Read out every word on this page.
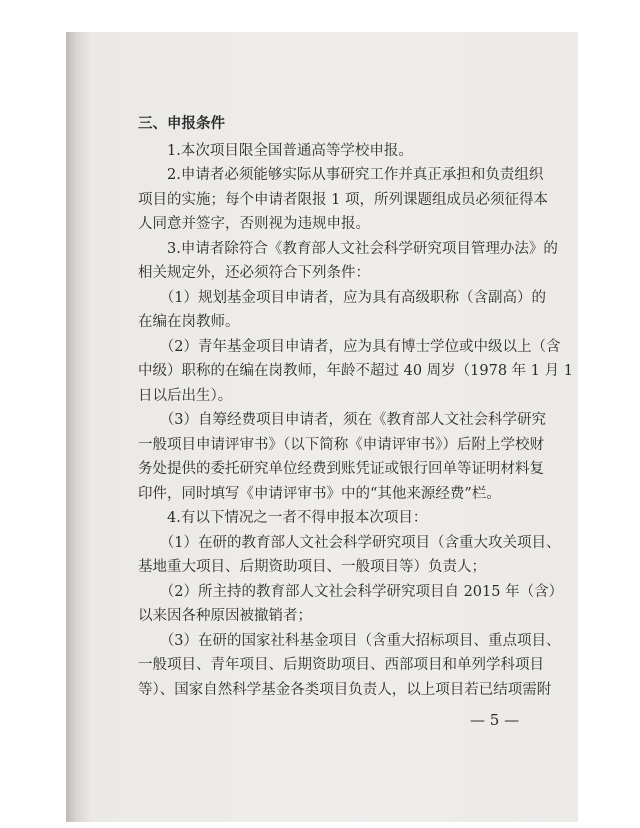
三、申报条件
　　1.本次项目限全国普通高等学校申报。
　　2.申请者必须能够实际从事研究工作并真正承担和负责组织
项目的实施；每个申请者限报 1 项，所列课题组成员必须征得本
人同意并签字，否则视为违规申报。
　　3.申请者除符合《教育部人文社会科学研究项目管理办法》的
相关规定外，还必须符合下列条件：
　　（1）规划基金项目申请者，应为具有高级职称（含副高）的
在编在岗教师。
　　（2）青年基金项目申请者，应为具有博士学位或中级以上（含
中级）职称的在编在岗教师，年龄不超过 40 周岁（1978 年 1 月 1
日以后出生）。
　　（3）自筹经费项目申请者，须在《教育部人文社会科学研究
一般项目申请评审书》（以下简称《申请评审书》）后附上学校财
务处提供的委托研究单位经费到账凭证或银行回单等证明材料复
印件，同时填写《申请评审书》中的“其他来源经费”栏。
　　4.有以下情况之一者不得申报本次项目：
　　（1）在研的教育部人文社会科学研究项目（含重大攻关项目、
基地重大项目、后期资助项目、一般项目等）负责人；
　　（2）所主持的教育部人文社会科学研究项目自 2015 年（含）
以来因各种原因被撤销者；
　　（3）在研的国家社科基金项目（含重大招标项目、重点项目、
一般项目、青年项目、后期资助项目、西部项目和单列学科项目
等）、国家自然科学基金各类项目负责人，以上项目若已结项需附
— 5 —
